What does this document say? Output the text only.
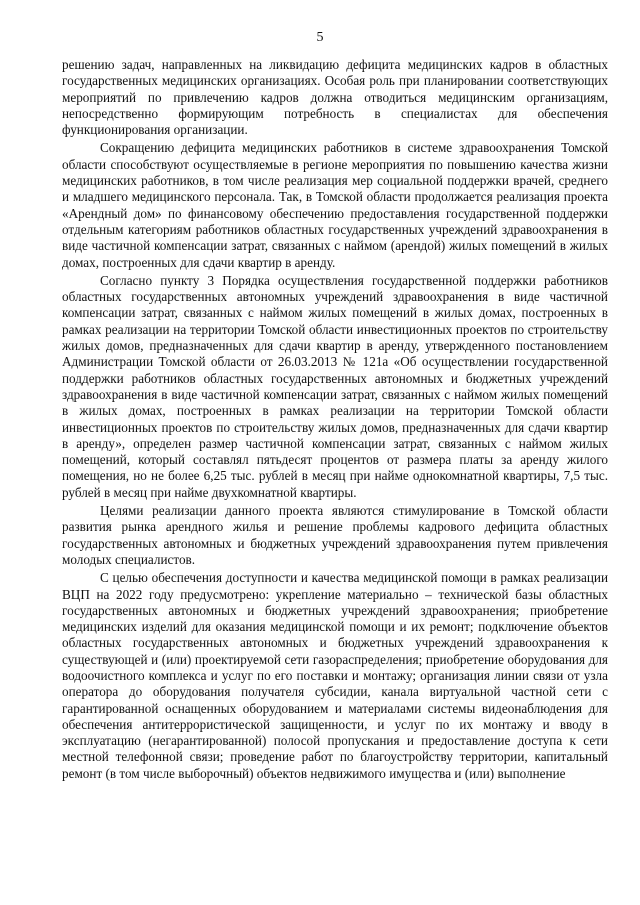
5

решению задач, направленных на ликвидацию дефицита медицинских кадров в областных государственных медицинских организациях. Особая роль при планировании соответствующих мероприятий по привлечению кадров должна отводиться медицинским организациям, непосредственно формирующим потребность в специалистах для обеспечения функционирования организации.

Сокращению дефицита медицинских работников в системе здравоохранения Томской области способствуют осуществляемые в регионе мероприятия по повышению качества жизни медицинских работников, в том числе реализация мер социальной поддержки врачей, среднего и младшего медицинского персонала. Так, в Томской области продолжается реализация проекта «Арендный дом» по финансовому обеспечению предоставления государственной поддержки отдельным категориям работников областных государственных учреждений здравоохранения в виде частичной компенсации затрат, связанных с наймом (арендой) жилых помещений в жилых домах, построенных для сдачи квартир в аренду.

Согласно пункту 3 Порядка осуществления государственной поддержки работников областных государственных автономных учреждений здравоохранения в виде частичной компенсации затрат, связанных с наймом жилых помещений в жилых домах, построенных в рамках реализации на территории Томской области инвестиционных проектов по строительству жилых домов, предназначенных для сдачи квартир в аренду, утвержденного постановлением Администрации Томской области от 26.03.2013 № 121а «Об осуществлении государственной поддержки работников областных государственных автономных и бюджетных учреждений здравоохранения в виде частичной компенсации затрат, связанных с наймом жилых помещений в жилых домах, построенных в рамках реализации на территории Томской области инвестиционных проектов по строительству жилых домов, предназначенных для сдачи квартир в аренду», определен размер частичной компенсации затрат, связанных с наймом жилых помещений, который составлял пятьдесят процентов от размера платы за аренду жилого помещения, но не более 6,25 тыс. рублей в месяц при найме однокомнатной квартиры, 7,5 тыс. рублей в месяц при найме двухкомнатной квартиры.

Целями реализации данного проекта являются стимулирование в Томской области развития рынка арендного жилья и решение проблемы кадрового дефицита областных государственных автономных и бюджетных учреждений здравоохранения путем привлечения молодых специалистов.

С целью обеспечения доступности и качества медицинской помощи в рамках реализации ВЦП на 2022 году предусмотрено: укрепление материально – технической базы областных государственных автономных и бюджетных учреждений здравоохранения; приобретение медицинских изделий для оказания медицинской помощи и их ремонт; подключение объектов областных государственных автономных и бюджетных учреждений здравоохранения к существующей и (или) проектируемой сети газораспределения; приобретение оборудования для водоочистного комплекса и услуг по его поставки и монтажу; организация линии связи от узла оператора до оборудования получателя субсидии, канала виртуальной частной сети с гарантированной оснащенных оборудованием и материалами системы видеонаблюдения для обеспечения антитеррористической защищенности, и услуг по их монтажу и вводу в эксплуатацию (негарантированной) полосой пропускания и предоставление доступа к сети местной телефонной связи; проведение работ по благоустройству территории, капитальный ремонт (в том числе выборочный) объектов недвижимого имущества и (или) выполнение
